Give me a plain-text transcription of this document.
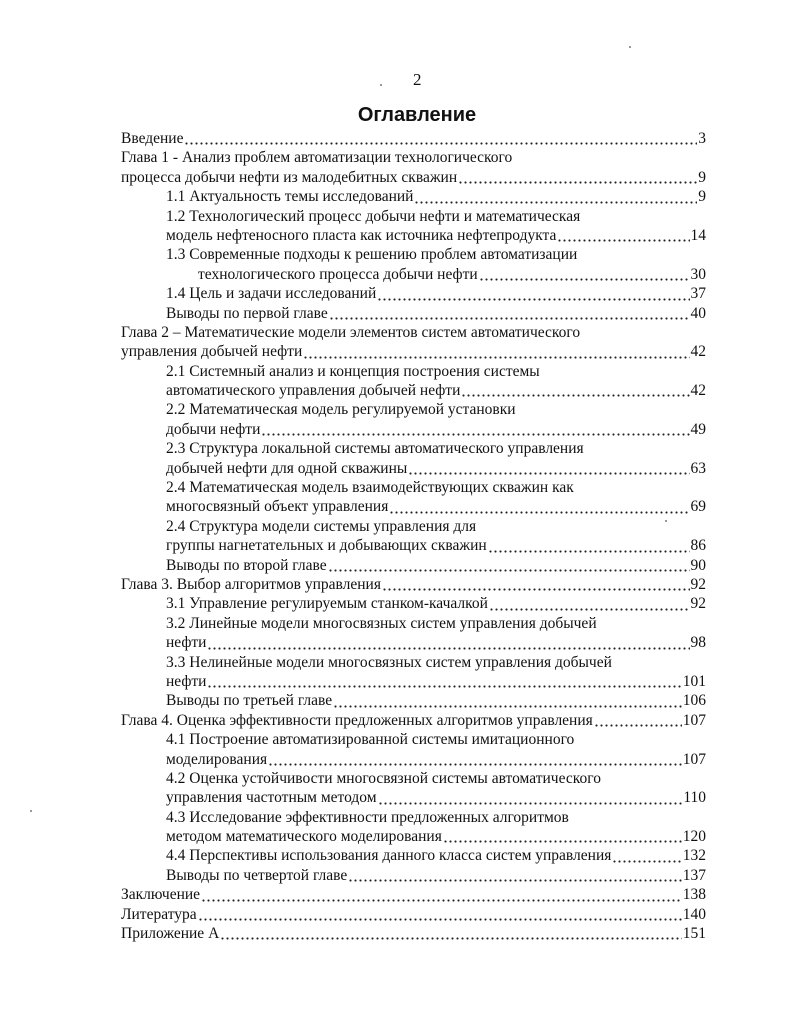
2
Оглавление
Введение	3
Глава 1 - Анализ проблем автоматизации технологического
процесса добычи нефти из малодебитных скважин	9
1.1 Актуальность темы исследований	9
1.2 Технологический процесс добычи нефти и математическая
модель нефтеносного пласта как источника нефтепродукта	14
1.3 Современные подходы к решению проблем автоматизации
технологического процесса добычи нефти	30
1.4 Цель и задачи исследований	37
Выводы по первой главе	40
Глава 2 – Математические модели элементов систем автоматического
управления добычей нефти	42
2.1 Системный анализ и концепция построения системы
автоматического управления добычей нефти	42
2.2 Математическая модель регулируемой установки
добычи нефти	49
2.3 Структура локальной системы автоматического управления
добычей нефти для одной скважины	63
2.4 Математическая модель взаимодействующих скважин как
многосвязный объект управления	69
2.4 Структура модели системы управления для
группы нагнетательных и добывающих скважин	86
Выводы по второй главе	90
Глава 3. Выбор алгоритмов управления	92
3.1 Управление регулируемым станком-качалкой	92
3.2 Линейные модели многосвязных систем управления добычей
нефти	98
3.3 Нелинейные модели многосвязных систем управления добычей
нефти	101
Выводы по третьей главе	106
Глава 4. Оценка эффективности предложенных алгоритмов управления	107
4.1 Построение автоматизированной системы имитационного
моделирования	107
4.2 Оценка устойчивости многосвязной системы автоматического
управления частотным методом	110
4.3 Исследование эффективности предложенных алгоритмов
методом математического моделирования	120
4.4 Перспективы использования данного класса систем управления	132
Выводы по четвертой главе	137
Заключение	138
Литература	140
Приложение А	151
